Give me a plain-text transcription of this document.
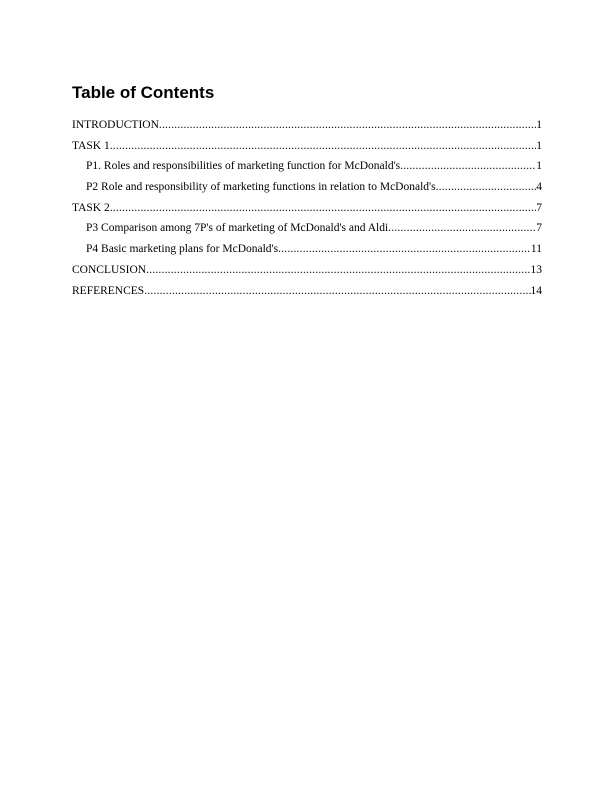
Table of Contents
INTRODUCTION .....	1
TASK 1 .....	1
P1. Roles and responsibilities of marketing function for McDonald's .....	1
P2 Role and responsibility of marketing functions in relation to McDonald's .....	4
TASK 2 .....	7
P3 Comparison among 7P's of marketing of McDonald's and Aldi .....	7
P4 Basic marketing plans for McDonald's .....	11
CONCLUSION .....	13
REFERENCES .....	14
